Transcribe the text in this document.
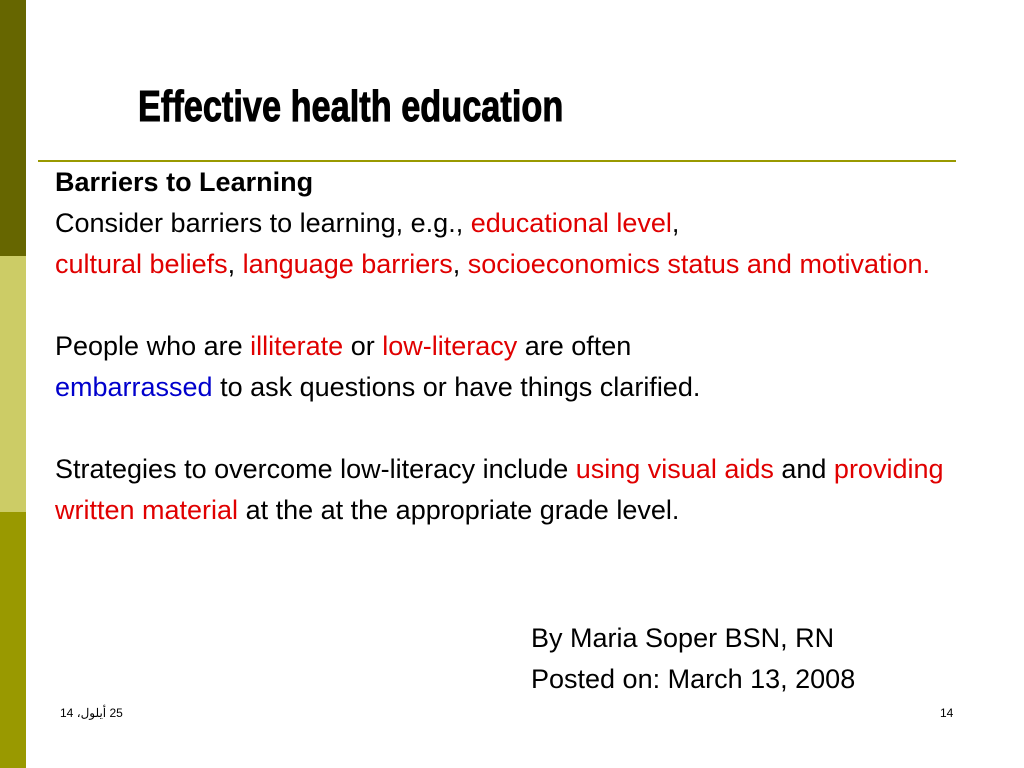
Effective health education

Barriers to Learning

Consider barriers to learning, e.g., educational level,
cultural beliefs, language barriers, socioeconomics status and motivation.

People who are illiterate or low-literacy are often
embarrassed to ask questions or have things clarified.

Strategies to overcome low-literacy include using visual aids and providing written material at the at the appropriate grade level.

By Maria Soper BSN, RN
Posted on: March 13, 2008
25 أيلول، 14	14
